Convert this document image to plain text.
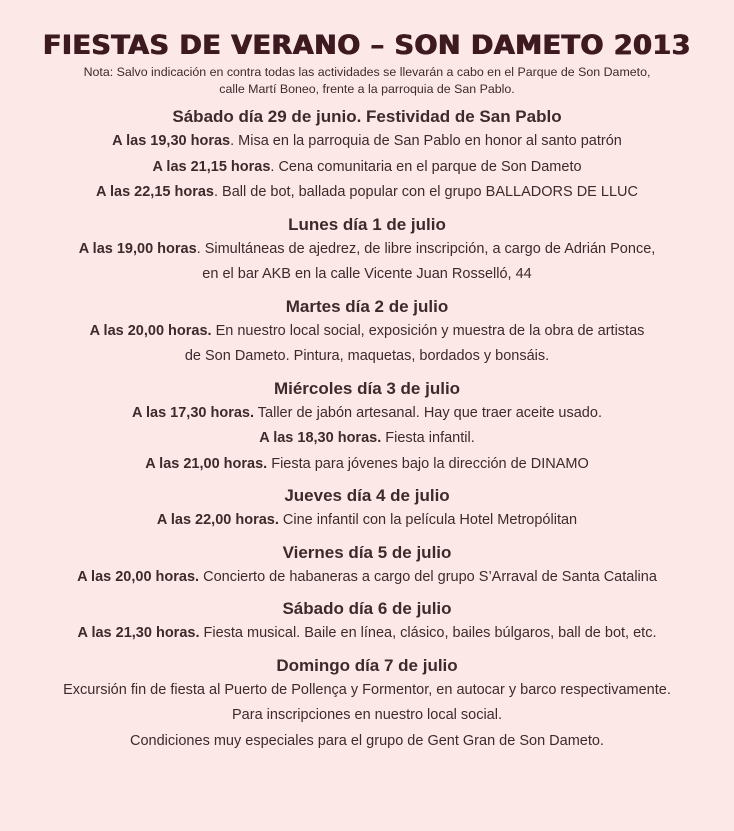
FIESTAS DE VERANO – SON DAMETO 2013
Nota: Salvo indicación en contra todas las actividades se llevarán a cabo en el Parque de Son Dameto,
calle Martí Boneo, frente a la parroquia de San Pablo.
Sábado día 29 de junio. Festividad de San Pablo
A las 19,30 horas. Misa en la parroquia de San Pablo en honor al santo patrón
A las 21,15 horas. Cena comunitaria en el parque de Son Dameto
A las 22,15 horas. Ball de bot, ballada popular con el grupo BALLADORS DE LLUC
Lunes día 1 de julio
A las 19,00 horas. Simultáneas de ajedrez, de libre inscripción, a cargo de Adrián Ponce,
en el bar AKB en la calle Vicente Juan Rosselló, 44
Martes día 2 de julio
A las 20,00 horas. En nuestro local social, exposición y muestra de la obra de artistas
de Son Dameto. Pintura, maquetas, bordados y bonsáis.
Miércoles día 3 de julio
A las 17,30 horas. Taller de jabón artesanal. Hay que traer aceite usado.
A las 18,30 horas. Fiesta infantil.
A las 21,00 horas. Fiesta para jóvenes bajo la dirección de DINAMO
Jueves día 4 de julio
A las 22,00 horas. Cine infantil con la película Hotel Metropólitan
Viernes día 5 de julio
A las 20,00 horas. Concierto de habaneras a cargo del grupo S’Arraval de Santa Catalina
Sábado día 6 de julio
A las 21,30 horas. Fiesta musical. Baile en línea, clásico, bailes búlgaros, ball de bot, etc.
Domingo día 7 de julio
Excursión fin de fiesta al Puerto de Pollença y Formentor, en autocar y barco respectivamente.
Para inscripciones en nuestro local social.
Condiciones muy especiales para el grupo de Gent Gran de Son Dameto.
